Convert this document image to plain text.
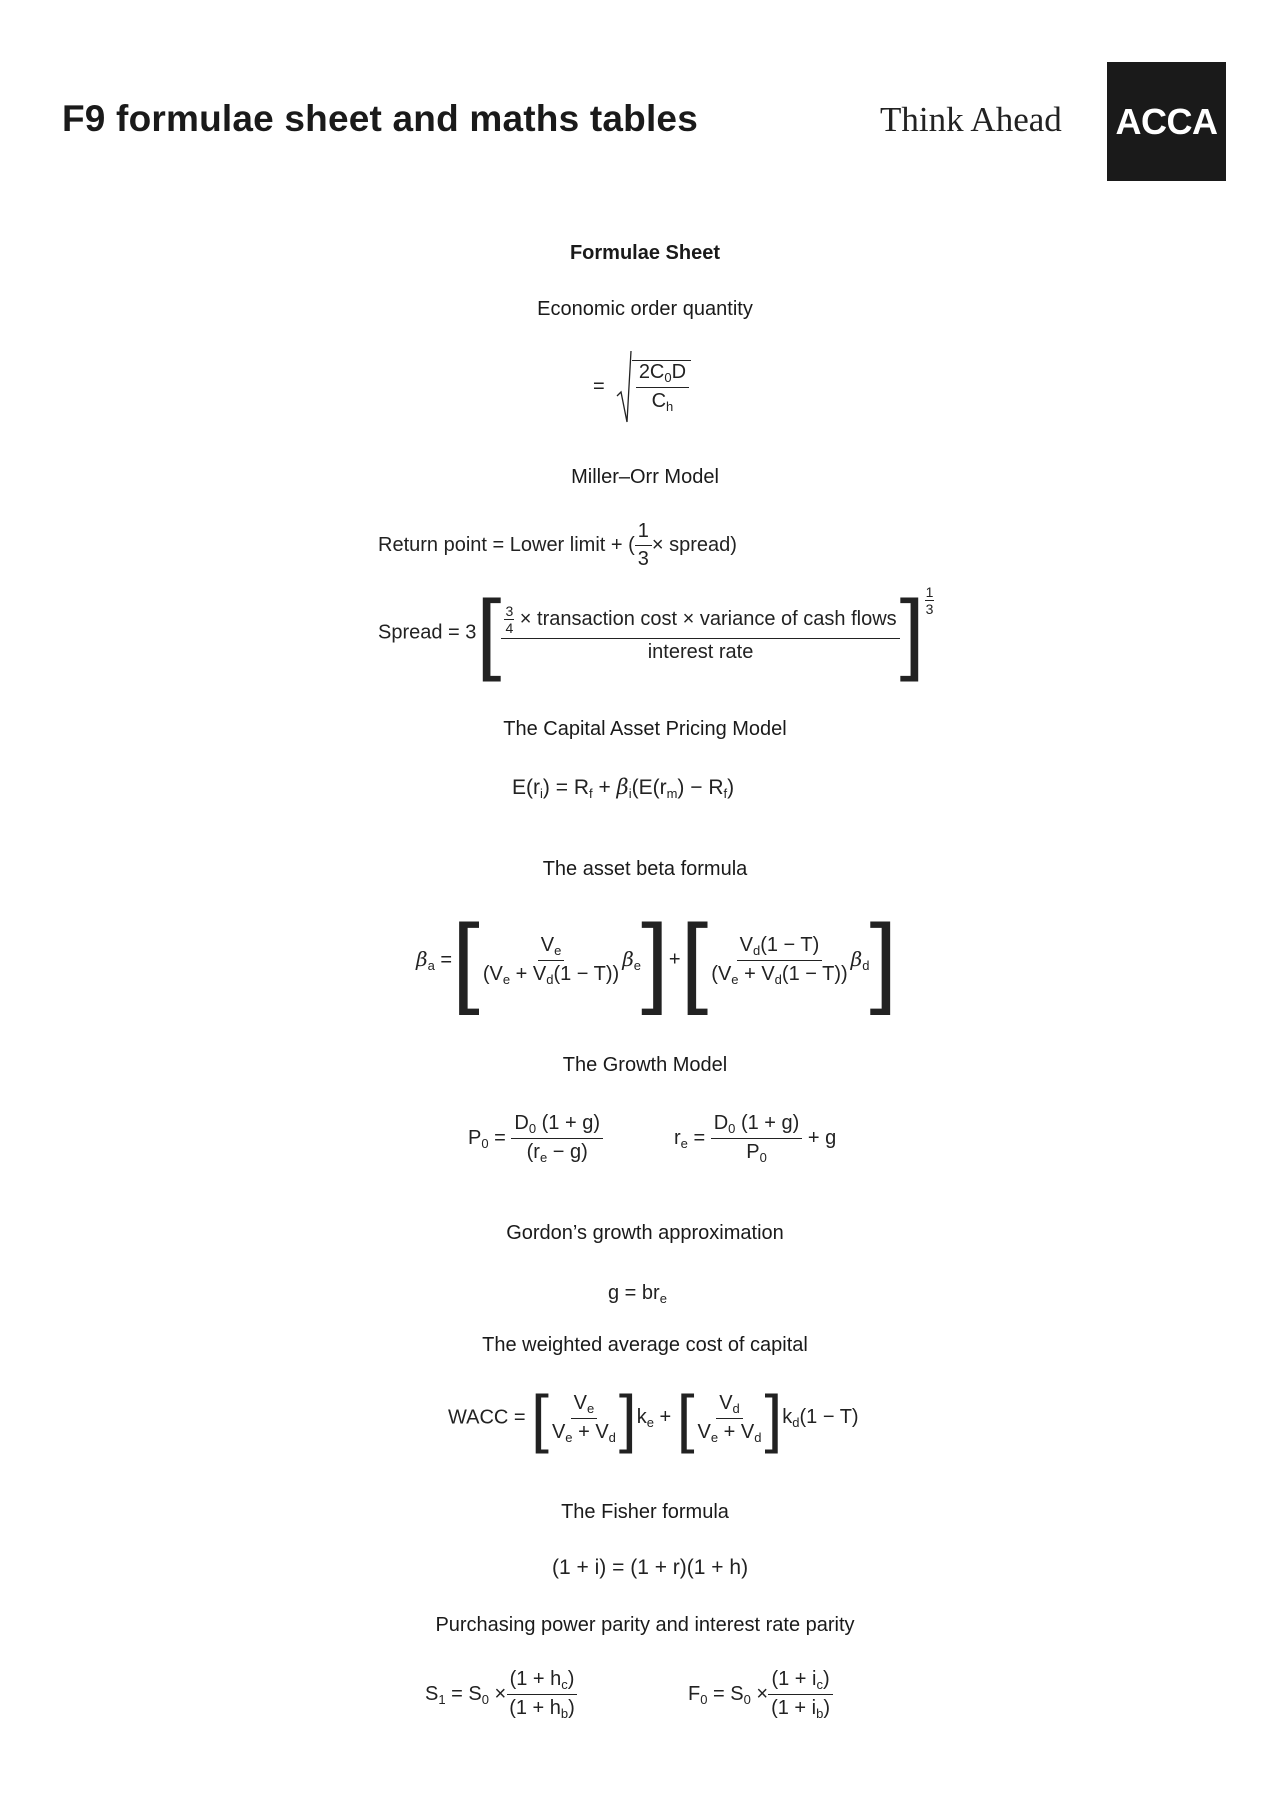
F9 formulae sheet and maths tables	Think Ahead ACCA
Formulae Sheet
Economic order quantity
= $\frac{2C_0D}{C_h}$
Miller–Orr Model
Return point = Lower limit + ( $\frac{1}{3}$ × spread)
Spread = $3[ \frac{3}{4}$ × transaction cost × variance of cash flows
interest rate ] $\frac{1}{3}$
The Capital Asset Pricing Model
$E(r_i) = R_f + \beta_i(E(r_m) - R_f)$
The asset beta formula
$\beta_a$ =[ $\frac{V_e}{(V_e + V_d(1 - T))} \beta_e]+[ \frac{V_d(1 - T)}{(V_e + V_d(1 - T))} \beta_d]$
The Growth Model
$P_0 = \frac{D_0 (1 + g)}{(r_e - g)}$	$r_e = \frac{D_0 (1 + g)}{P_0} + g$
Gordon’s growth approximation
$g = br_e$
The weighted average cost of capital
WACC = [ $\frac{V_e}{V_e + V_d} ]k_e$ + [ $\frac{V_d}{V_e + V_d} ]k_d(1 - T)$
The Fisher formula
(1 + i) = (1 + r)(1 + h)
Purchasing power parity and interest rate parity
$S_1 = S_0 \times \frac{(1 + h_c)}{(1 + h_b)}$	$F_0 = S_0 \times \frac{(1 + i_c)}{(1 + i_b)}$
